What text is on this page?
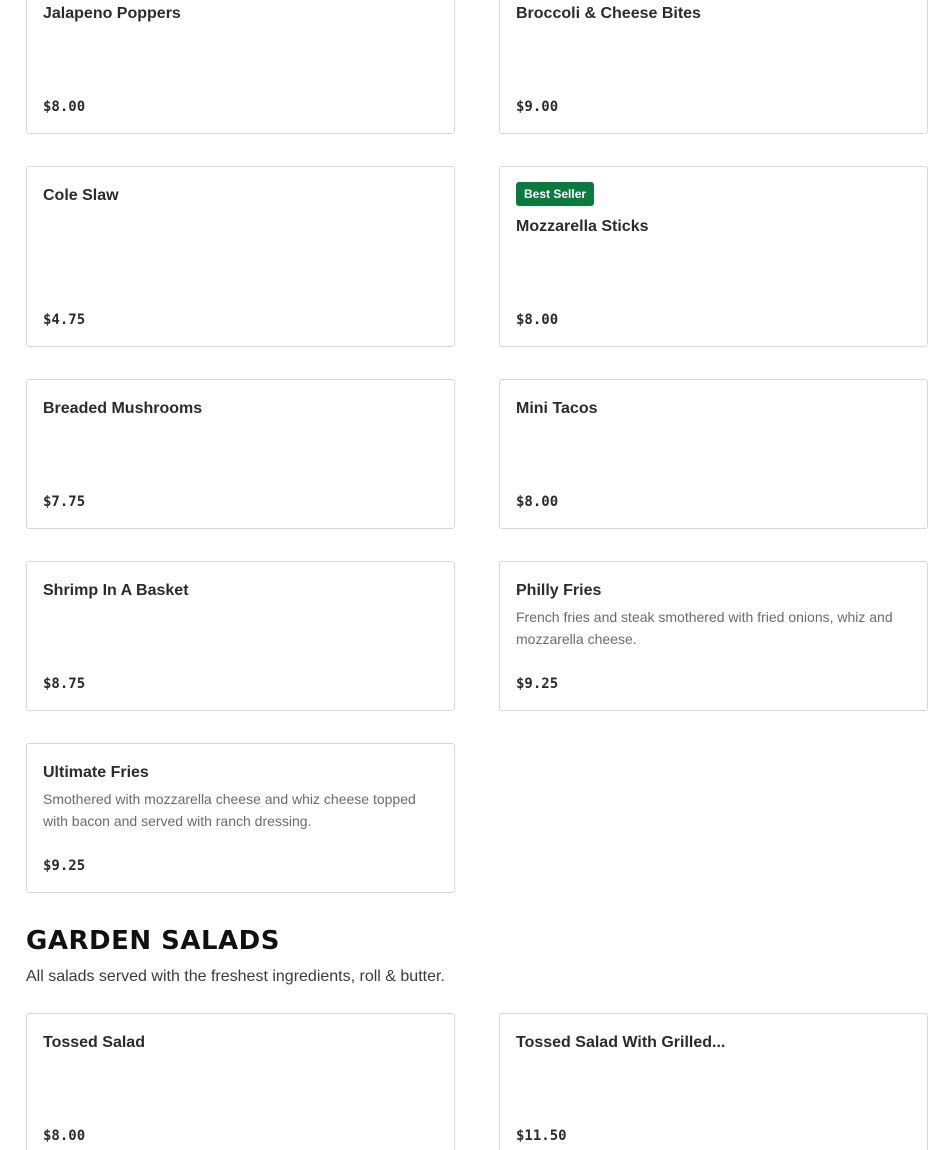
Jalapeno Poppers
$8.00
Broccoli & Cheese Bites
$9.00
Cole Slaw
$4.75
Best Seller
Mozzarella Sticks
$8.00
Breaded Mushrooms
$7.75
Mini Tacos
$8.00
Shrimp In A Basket
$8.75
Philly Fries
French fries and steak smothered with fried onions, whiz and mozzarella cheese.
$9.25
Ultimate Fries
Smothered with mozzarella cheese and whiz cheese topped with bacon and served with ranch dressing.
$9.25
GARDEN SALADS

All salads served with the freshest ingredients, roll & butter.

Tossed Salad
$8.00
Tossed Salad With Grilled...
$11.50
